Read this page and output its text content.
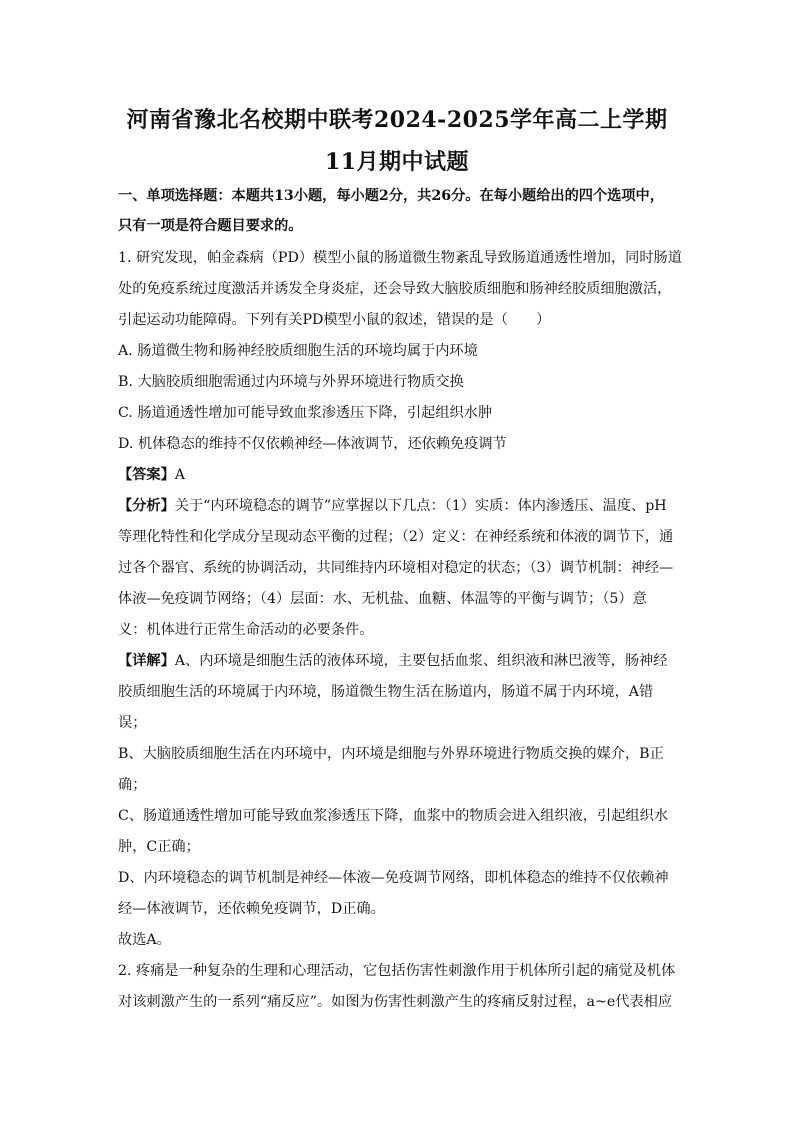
河南省豫北名校期中联考2024-2025学年高二上学期
11月期中试题
一、单项选择题：本题共13小题，每小题2分，共26分。在每小题给出的四个选项中，
只有一项是符合题目要求的。
1. 研究发现，帕金森病（PD）模型小鼠的肠道微生物紊乱导致肠道通透性增加，同时肠道
处的免疫系统过度激活并诱发全身炎症，还会导致大脑胶质细胞和肠神经胶质细胞激活，
引起运动功能障碍。下列有关PD模型小鼠的叙述，错误的是（　　）
A. 肠道微生物和肠神经胶质细胞生活的环境均属于内环境
B. 大脑胶质细胞需通过内环境与外界环境进行物质交换
C. 肠道通透性增加可能导致血浆渗透压下降，引起组织水肿
D. 机体稳态的维持不仅依赖神经—体液调节，还依赖免疫调节
【答案】A
【分析】关于“内环境稳态的调节”应掌握以下几点：（1）实质：体内渗透压、温度、pH
等理化特性和化学成分呈现动态平衡的过程；（2）定义：在神经系统和体液的调节下，通
过各个器官、系统的协调活动，共同维持内环境相对稳定的状态；（3）调节机制：神经—
体液—免疫调节网络；（4）层面：水、无机盐、血糖、体温等的平衡与调节；（5）意
义：机体进行正常生命活动的必要条件。
【详解】A、内环境是细胞生活的液体环境，主要包括血浆、组织液和淋巴液等，肠神经
胶质细胞生活的环境属于内环境，肠道微生物生活在肠道内，肠道不属于内环境，A错
误；
B、大脑胶质细胞生活在内环境中，内环境是细胞与外界环境进行物质交换的媒介，B正
确；
C、肠道通透性增加可能导致血浆渗透压下降，血浆中的物质会进入组织液，引起组织水
肿，C正确；
D、内环境稳态的调节机制是神经—体液—免疫调节网络，即机体稳态的维持不仅依赖神
经—体液调节，还依赖免疫调节，D正确。
故选A。
2. 疼痛是一种复杂的生理和心理活动，它包括伤害性刺激作用于机体所引起的痛觉及机体
对该刺激产生的一系列“痛反应”。如图为伤害性刺激产生的疼痛反射过程，a~e代表相应
